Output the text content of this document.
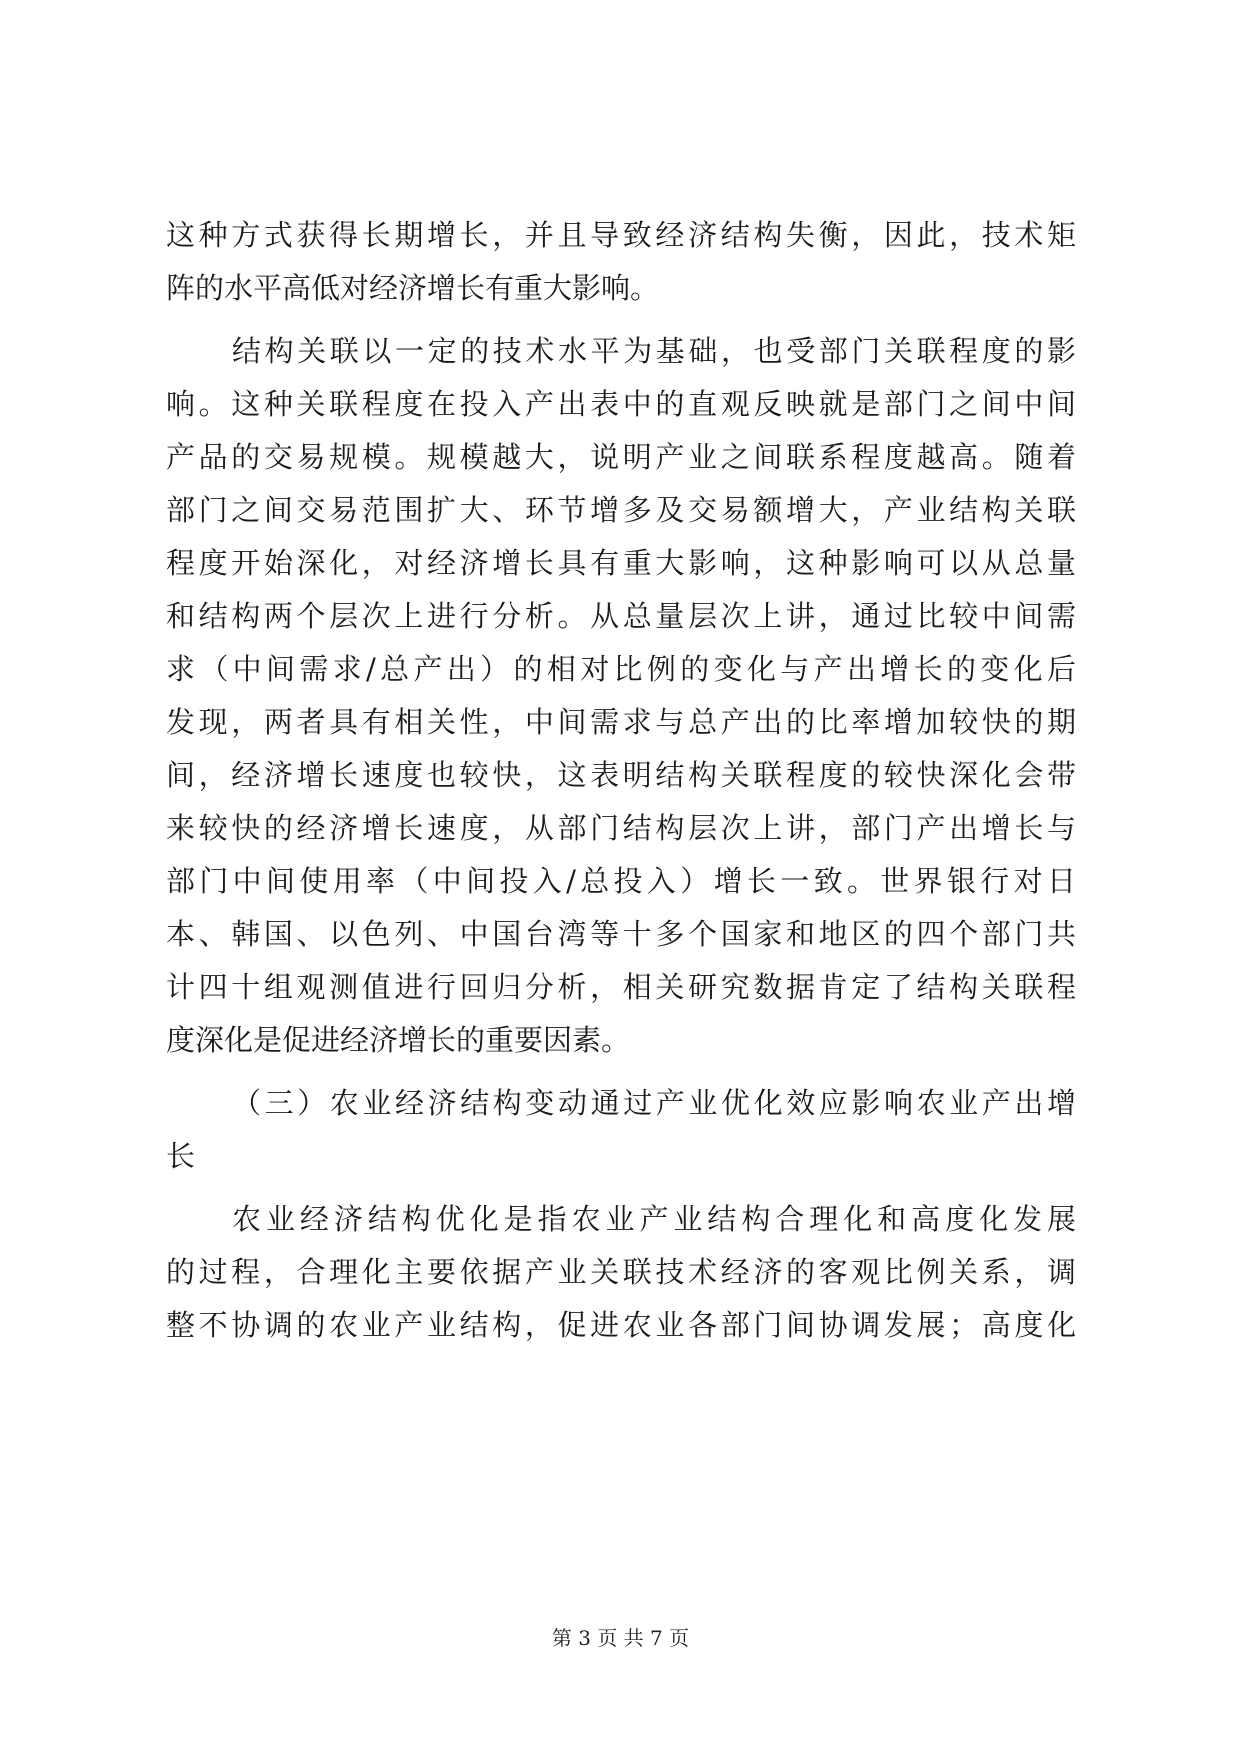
这种方式获得长期增长，并且导致经济结构失衡，因此，技术矩
阵的水平高低对经济增长有重大影响。
结构关联以一定的技术水平为基础，也受部门关联程度的影
响。这种关联程度在投入产出表中的直观反映就是部门之间中间
产品的交易规模。规模越大，说明产业之间联系程度越高。随着
部门之间交易范围扩大、环节增多及交易额增大，产业结构关联
程度开始深化，对经济增长具有重大影响，这种影响可以从总量
和结构两个层次上进行分析。从总量层次上讲，通过比较中间需
求（中间需求/总产出）的相对比例的变化与产出增长的变化后
发现，两者具有相关性，中间需求与总产出的比率增加较快的期
间，经济增长速度也较快，这表明结构关联程度的较快深化会带
来较快的经济增长速度，从部门结构层次上讲，部门产出增长与
部门中间使用率（中间投入/总投入）增长一致。世界银行对日
本、韩国、以色列、中国台湾等十多个国家和地区的四个部门共
计四十组观测值进行回归分析，相关研究数据肯定了结构关联程
度深化是促进经济增长的重要因素。
（三）农业经济结构变动通过产业优化效应影响农业产出增
长
农业经济结构优化是指农业产业结构合理化和高度化发展
的过程，合理化主要依据产业关联技术经济的客观比例关系，调
整不协调的农业产业结构，促进农业各部门间协调发展；高度化
第 3 页 共 7 页
